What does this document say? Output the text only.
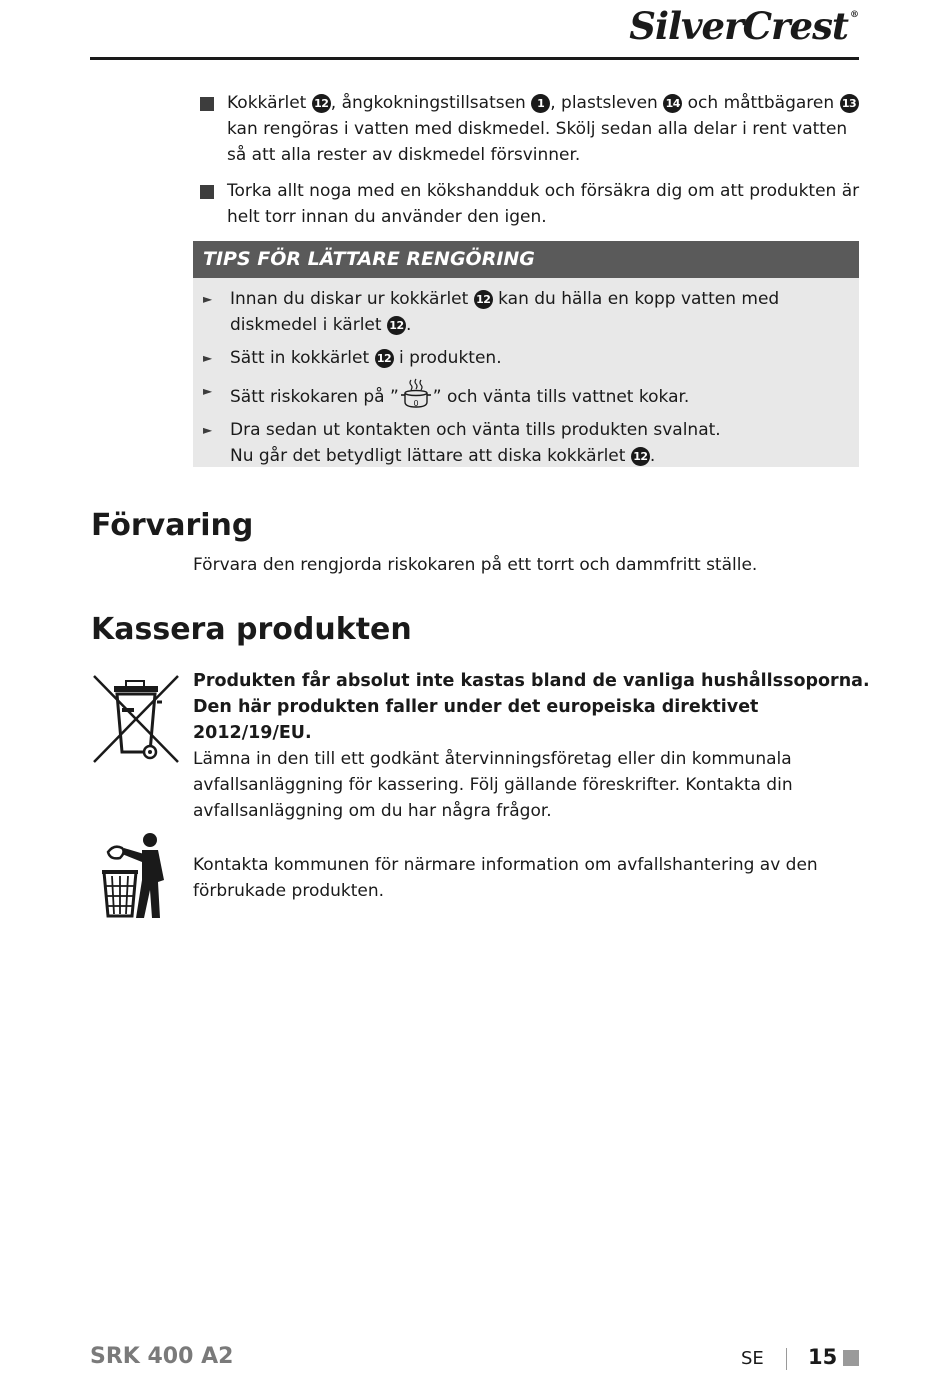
SilverCrest ®
Kokkärlet 12 , ångkokningstillsatsen 1 , plastsleven 14 och måttbägaren 13 kan rengöras i vatten med diskmedel. Skölj sedan alla delar i rent vatten så att alla rester av diskmedel försvinner.
Torka allt noga med en kökshandduk och försäkra dig om att produkten är helt torr innan du använder den igen.
TIPS FÖR LÄTTARE RENGÖRING
► Innan du diskar ur kokkärlet 12 kan du hälla en kopp vatten med diskmedel i kärlet 12 .
► Sätt in kokkärlet 12 i produkten.
► Sätt riskokaren på ” 0 ” och vänta tills vattnet kokar.
► Dra sedan ut kontakten och vänta tills produkten svalnat.
Nu går det betydligt lättare att diska kokkärlet 12 .
Förvaring
Förvara den rengjorda riskokaren på ett torrt och dammfritt ställe.
Kassera produkten
Produkten får absolut inte kastas bland de vanliga hushållssoporna.
Den här produkten faller under det europeiska direktivet 2012/19/EU.
Lämna in den till ett godkänt återvinningsföretag eller din kommunala avfallsanläggning för kassering. Följ gällande föreskrifter. Kontakta din avfallsanläggning om du har några frågor.
Kontakta kommunen för närmare information om avfallshantering av den förbrukade produkten.
SRK 400 A2	SE 15
